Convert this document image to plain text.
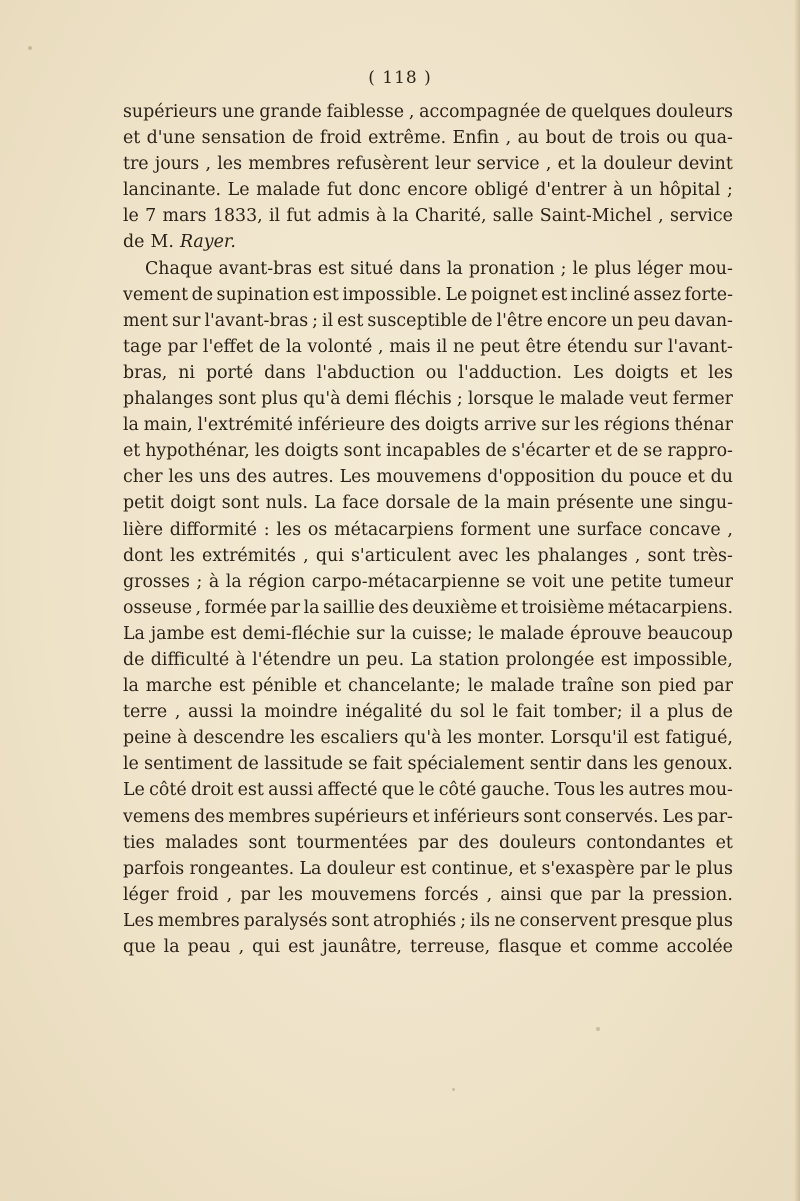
( 118 )
supérieurs une grande faiblesse , accompagnée de quelques douleurs
et d'une sensation de froid extrême. Enfin , au bout de trois ou qua-
tre jours , les membres refusèrent leur service , et la douleur devint
lancinante. Le malade fut donc encore obligé d'entrer à un hôpital ;
le 7 mars 1833, il fut admis à la Charité, salle Saint-Michel , service
de M. Rayer.
Chaque avant-bras est situé dans la pronation ; le plus léger mou-
vement de supination est impossible. Le poignet est incliné assez forte-
ment sur l'avant-bras ; il est susceptible de l'être encore un peu davan-
tage par l'effet de la volonté , mais il ne peut être étendu sur l'avant-
bras, ni porté dans l'abduction ou l'adduction. Les doigts et les
phalanges sont plus qu'à demi fléchis ; lorsque le malade veut fermer
la main, l'extrémité inférieure des doigts arrive sur les régions thénar
et hypothénar, les doigts sont incapables de s'écarter et de se rappro-
cher les uns des autres. Les mouvemens d'opposition du pouce et du
petit doigt sont nuls. La face dorsale de la main présente une singu-
lière difformité : les os métacarpiens forment une surface concave ,
dont les extrémités , qui s'articulent avec les phalanges , sont très-
grosses ; à la région carpo-métacarpienne se voit une petite tumeur
osseuse , formée par la saillie des deuxième et troisième métacarpiens.
La jambe est demi-fléchie sur la cuisse; le malade éprouve beaucoup
de difficulté à l'étendre un peu. La station prolongée est impossible,
la marche est pénible et chancelante; le malade traîne son pied par
terre , aussi la moindre inégalité du sol le fait tomber; il a plus de
peine à descendre les escaliers qu'à les monter. Lorsqu'il est fatigué,
le sentiment de lassitude se fait spécialement sentir dans les genoux.
Le côté droit est aussi affecté que le côté gauche. Tous les autres mou-
vemens des membres supérieurs et inférieurs sont conservés. Les par-
ties malades sont tourmentées par des douleurs contondantes et
parfois rongeantes. La douleur est continue, et s'exaspère par le plus
léger froid , par les mouvemens forcés , ainsi que par la pression.
Les membres paralysés sont atrophiés ; ils ne conservent presque plus
que la peau , qui est jaunâtre, terreuse, flasque et comme accolée
